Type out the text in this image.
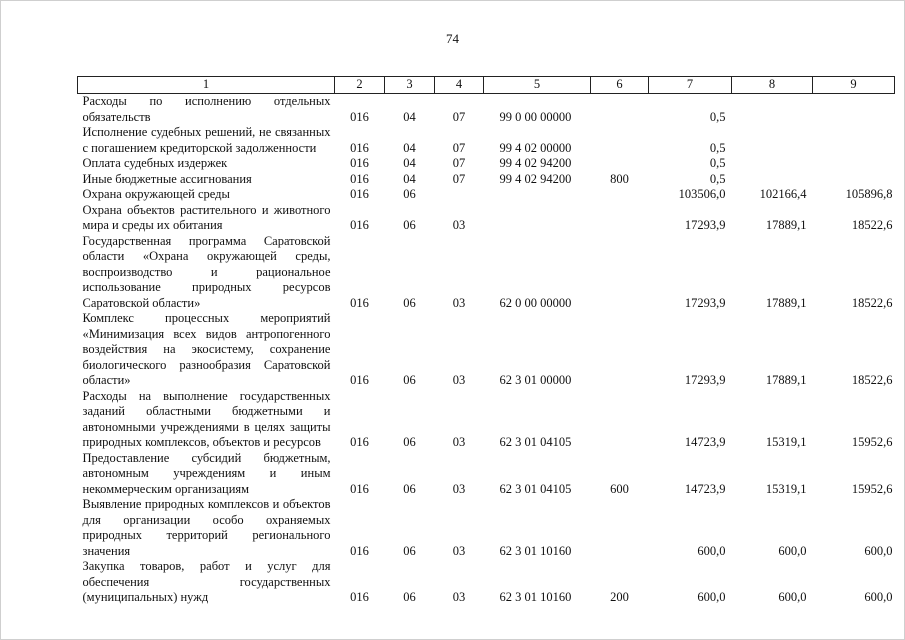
74
1	2	3	4	5	6	7	8	9
Расходы по исполнению отдельных обязательств	016	04	07	99 0 00 00000		0,5		
Исполнение судебных решений, не связанных с погашением кредиторской задолженности	016	04	07	99 4 02 00000		0,5		
Оплата судебных издержек	016	04	07	99 4 02 94200		0,5		
Иные бюджетные ассигнования	016	04	07	99 4 02 94200	800	0,5		
Охрана окружающей среды	016	06				103506,0	102166,4	105896,8
Охрана объектов растительного и животного мира и среды их обитания	016	06	03			17293,9	17889,1	18522,6
Государственная программа Саратовской области «Охрана окружающей среды, воспроизводство и рациональное использование природных ресурсов Саратовской области»	016	06	03	62 0 00 00000		17293,9	17889,1	18522,6
Комплекс процессных мероприятий «Минимизация всех видов антропогенного воздействия на экосистему, сохранение биологического разнообразия Саратовской области»	016	06	03	62 3 01 00000		17293,9	17889,1	18522,6
Расходы на выполнение государственных заданий областными бюджетными и автономными учреждениями в целях защиты природных комплексов, объектов и ресурсов	016	06	03	62 3 01 04105		14723,9	15319,1	15952,6
Предоставление субсидий бюджетным, автономным учреждениям и иным некоммерческим организациям	016	06	03	62 3 01 04105	600	14723,9	15319,1	15952,6
Выявление природных комплексов и объектов для организации особо охраняемых природных территорий регионального значения	016	06	03	62 3 01 10160		600,0	600,0	600,0
Закупка товаров, работ и услуг для обеспечения государственных (муниципальных) нужд	016	06	03	62 3 01 10160	200	600,0	600,0	600,0
